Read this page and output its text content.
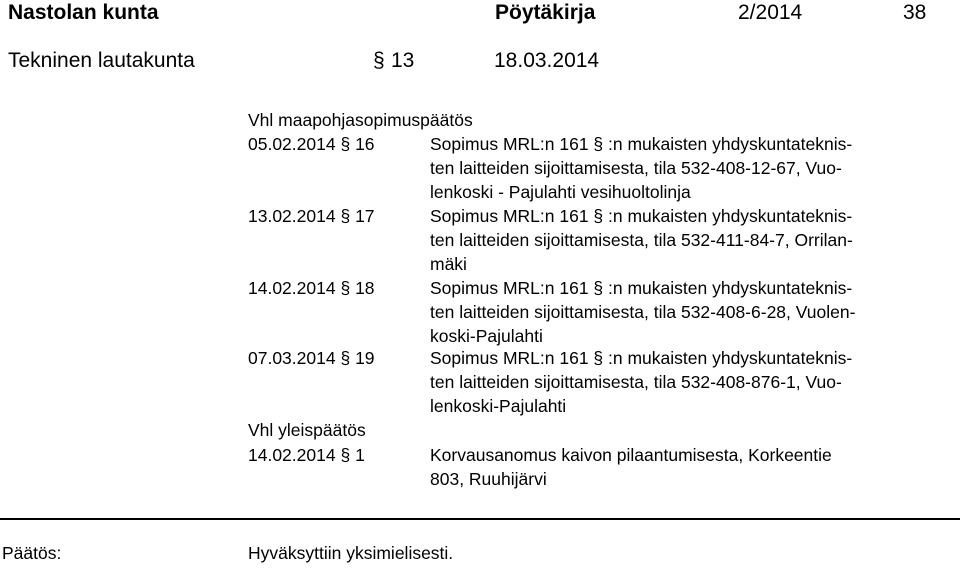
Nastolan kunta	Pöytäkirja	2/2014	38
Tekninen lautakunta	§ 13	18.03.2014
Vhl maapohjasopimuspäätös
05.02.2014 § 16	Sopimus MRL:n 161 § :n mukaisten yhdyskuntateknis-
ten laitteiden sijoittamisesta, tila 532-408-12-67, Vuo-
lenkoski - Pajulahti vesihuoltolinja
13.02.2014 § 17	Sopimus MRL:n 161 § :n mukaisten yhdyskuntateknis-
ten laitteiden sijoittamisesta, tila 532-411-84-7, Orrilan-
mäki
14.02.2014 § 18	Sopimus MRL:n 161 § :n mukaisten yhdyskuntateknis-
ten laitteiden sijoittamisesta, tila 532-408-6-28, Vuolen-
koski-Pajulahti
07.03.2014 § 19	Sopimus MRL:n 161 § :n mukaisten yhdyskuntateknis-
ten laitteiden sijoittamisesta, tila 532-408-876-1, Vuo-
lenkoski-Pajulahti
Vhl yleispäätös
14.02.2014 § 1	Korvausanomus kaivon pilaantumisesta, Korkeentie
803, Ruuhijärvi
Päätös:	Hyväksyttiin yksimielisesti.
